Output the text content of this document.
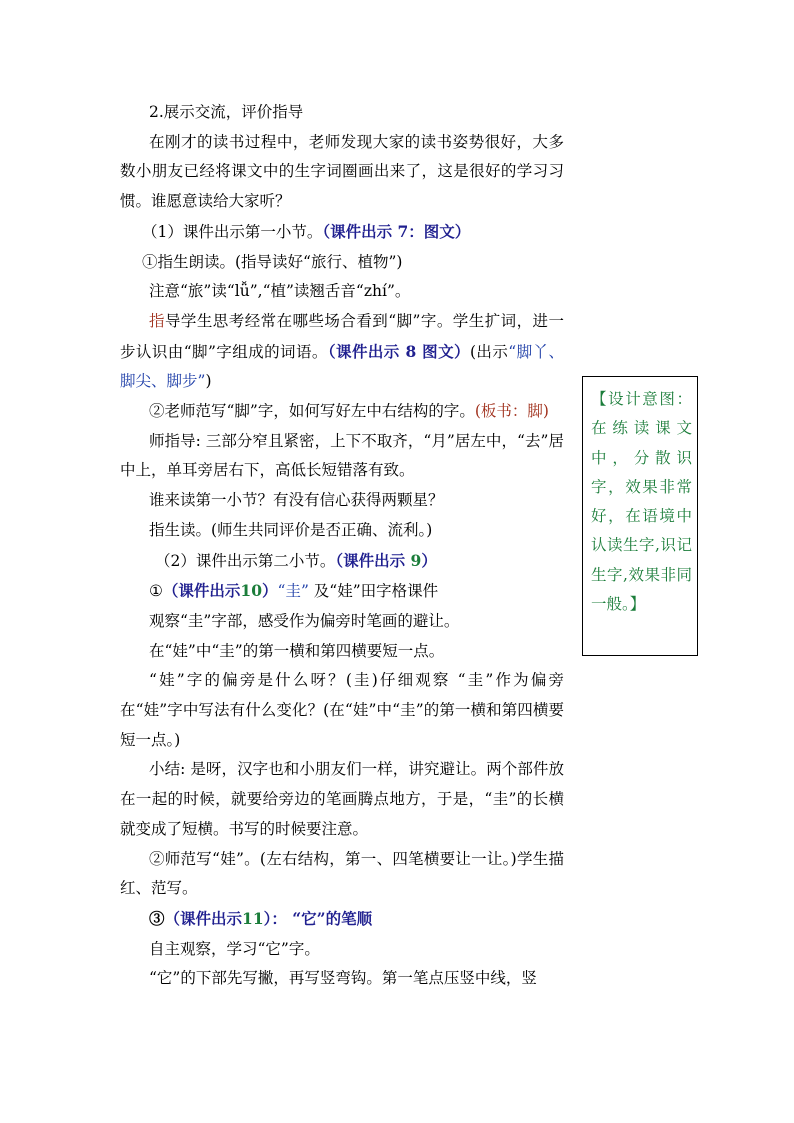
2.展示交流，评价指导

在刚才的读书过程中，老师发现大家的读书姿势很好，大多数小朋友已经将课文中的生字词圈画出来了，这是很好的学习习惯。谁愿意读给大家听？

（1）课件出示第一小节。（课件出示 7：图文）

①指生朗读。(指导读好“旅行、植物”)

注意“旅”读“lǚ”,“植”读翘舌音“zhí”。

指导学生思考经常在哪些场合看到“脚”字。学生扩词，进一步认识由“脚”字组成的词语。（课件出示 8 图文）(出示“脚丫、脚尖、脚步”)

②老师范写“脚”字，如何写好左中右结构的字。(板书：脚)

师指导: 三部分窄且紧密，上下不取齐，“月”居左中，“去”居中上，单耳旁居右下，高低长短错落有致。

谁来读第一小节？有没有信心获得两颗星？

指生读。(师生共同评价是否正确、流利。)

（2）课件出示第二小节。（课件出示 9）

①（课件出示10）“圭” 及“娃”田字格课件

观察“圭”字部，感受作为偏旁时笔画的避让。

在“娃”中“圭”的第一横和第四横要短一点。

“娃”字的偏旁是什么呀？(圭)仔细观察 “圭”作为偏旁在“娃”字中写法有什么变化？(在“娃”中“圭”的第一横和第四横要短一点。)

小结: 是呀，汉字也和小朋友们一样，讲究避让。两个部件放在一起的时候，就要给旁边的笔画腾点地方，于是，“圭”的长横就变成了短横。书写的时候要注意。

②师范写“娃”。(左右结构，第一、四笔横要让一让。)学生描红、范写。

③（课件出示11）： “它”的笔顺

自主观察，学习“它”字。

“它”的下部先写撇，再写竖弯钩。第一笔点压竖中线，竖

【设计意图：在练读课文中，分散识字，效果非常好，在语境中认读生字,识记生字,效果非同一般。】
